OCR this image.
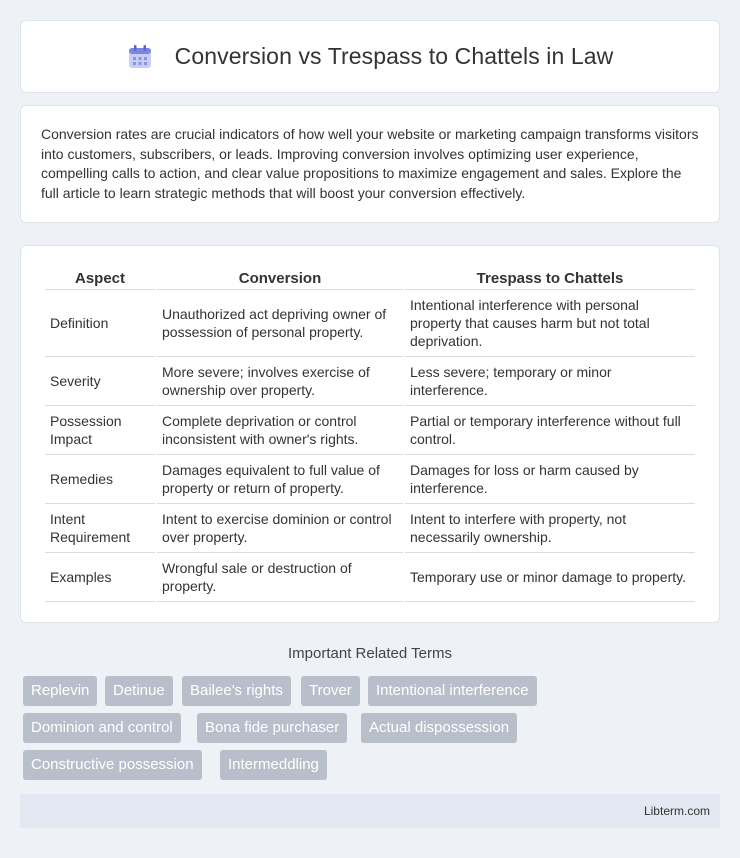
Conversion vs Trespass to Chattels in Law

Conversion rates are crucial indicators of how well your website or marketing campaign transforms visitors into customers, subscribers, or leads. Improving conversion involves optimizing user experience, compelling calls to action, and clear value propositions to maximize engagement and sales. Explore the full article to learn strategic methods that will boost your conversion effectively.

Aspect	Conversion	Trespass to Chattels
Definition	Unauthorized act depriving owner of possession of personal property.	Intentional interference with personal property that causes harm but not total deprivation.
Severity	More severe; involves exercise of ownership over property.	Less severe; temporary or minor interference.
Possession Impact	Complete deprivation or control inconsistent with owner's rights.	Partial or temporary interference without full control.
Remedies	Damages equivalent to full value of property or return of property.	Damages for loss or harm caused by interference.
Intent Requirement	Intent to exercise dominion or control over property.	Intent to interfere with property, not necessarily ownership.
Examples	Wrongful sale or destruction of property.	Temporary use or minor damage to property.
Important Related Terms
Replevin	Detinue	Bailee's rights	Trover	Intentional interference
Dominion and control	Bona fide purchaser	Actual dispossession
Constructive possession	Intermeddling
Libterm.com
